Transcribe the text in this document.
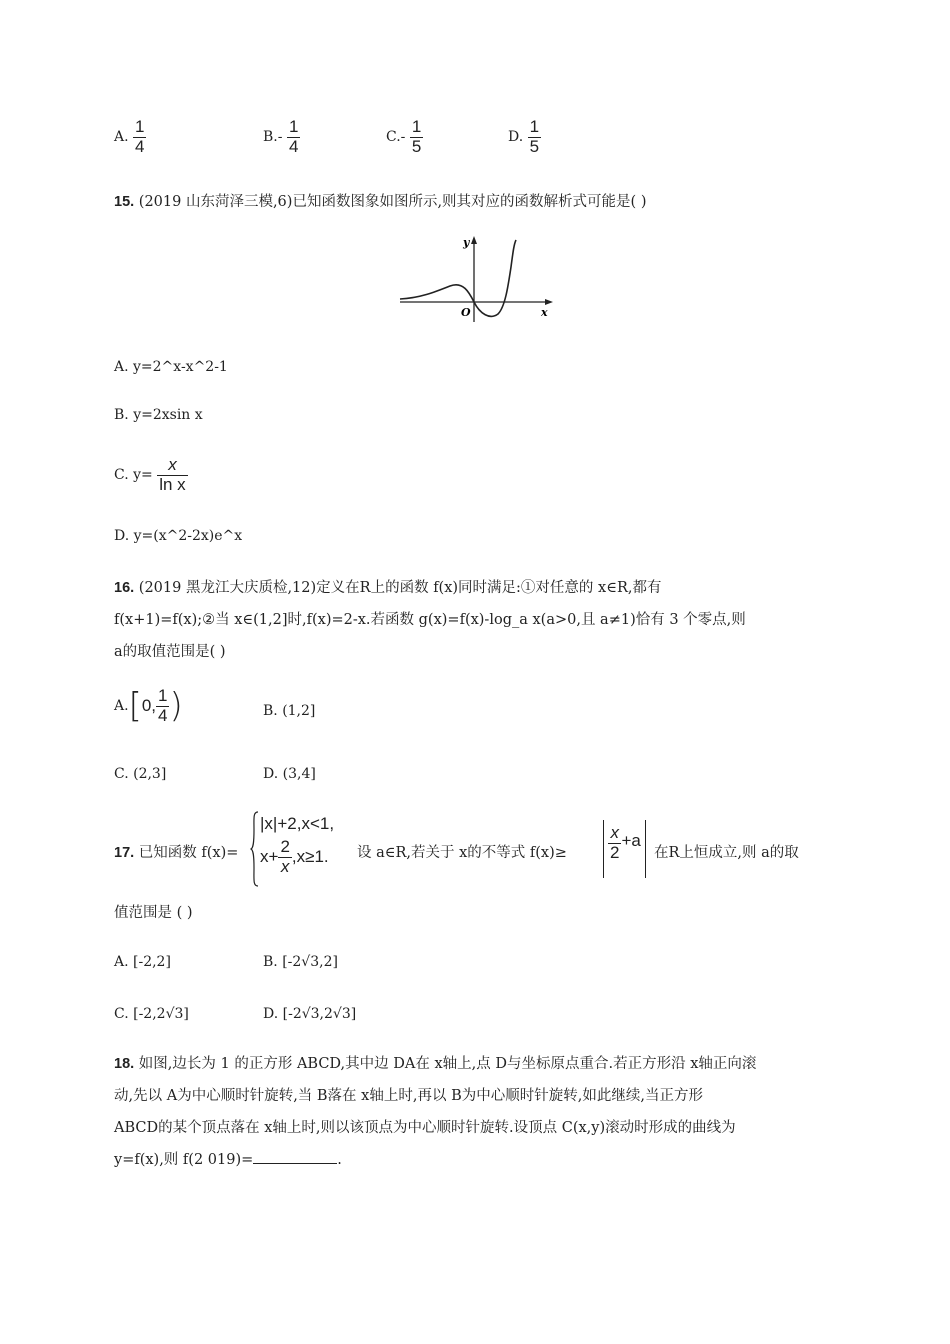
A. $\frac{1}{4}$	$B.- \frac{1}{4}$	$C.- \frac{1}{5}$	D. $\frac{1}{5}$
15. (2019 山东菏泽三模,6)已知函数图象如图所示,则其对应的函数解析式可能是( )
y
x
O
A. y=2^x-x^2-1
B. y=2xsin x
C. $y= \frac{x}{\text{ln x}}$
D. y=(x^2-2x)e^x
16. (2019 黑龙江大庆质检,12)定义在R上的函数 f(x)同时满足:①对任意的 x∈R,都有
f(x+1)=f(x);②当 x∈(1,2]时,f(x)=2-x.若函数 g(x)=f(x)-log_a x(a>0,且 a≠1)恰有 3 个零点,则
a的取值范围是( )
A.[0, $\frac{1}{4}$ )	B. (1,2]
C. (2,3]	D. (3,4]
17. 已知函数 f(x)=
|x|+2,x<1,
$x+ \frac{2}{x} ,x\ge 1$. 设 a∈R,若关于 x的不等式 $f(x)\ge \frac{x}{2} +a$
在R上恒成立,则 a的取
值范围是 ( )
A. [-2,2]	B. [-2√3,2]
C. [-2,2√3]	D. [-2√3,2√3]
18. 如图,边长为 1 的正方形 ABCD,其中边 DA在 x轴上,点 D与坐标原点重合.若正方形沿 x轴正向滚
动,先以 A为中心顺时针旋转,当 B落在 x轴上时,再以 B为中心顺时针旋转,如此继续,当正方形
ABCD的某个顶点落在 x轴上时,则以该顶点为中心顺时针旋转.设顶点 C(x,y)滚动时形成的曲线为
y=f(x),则 f(2 019)=	.
